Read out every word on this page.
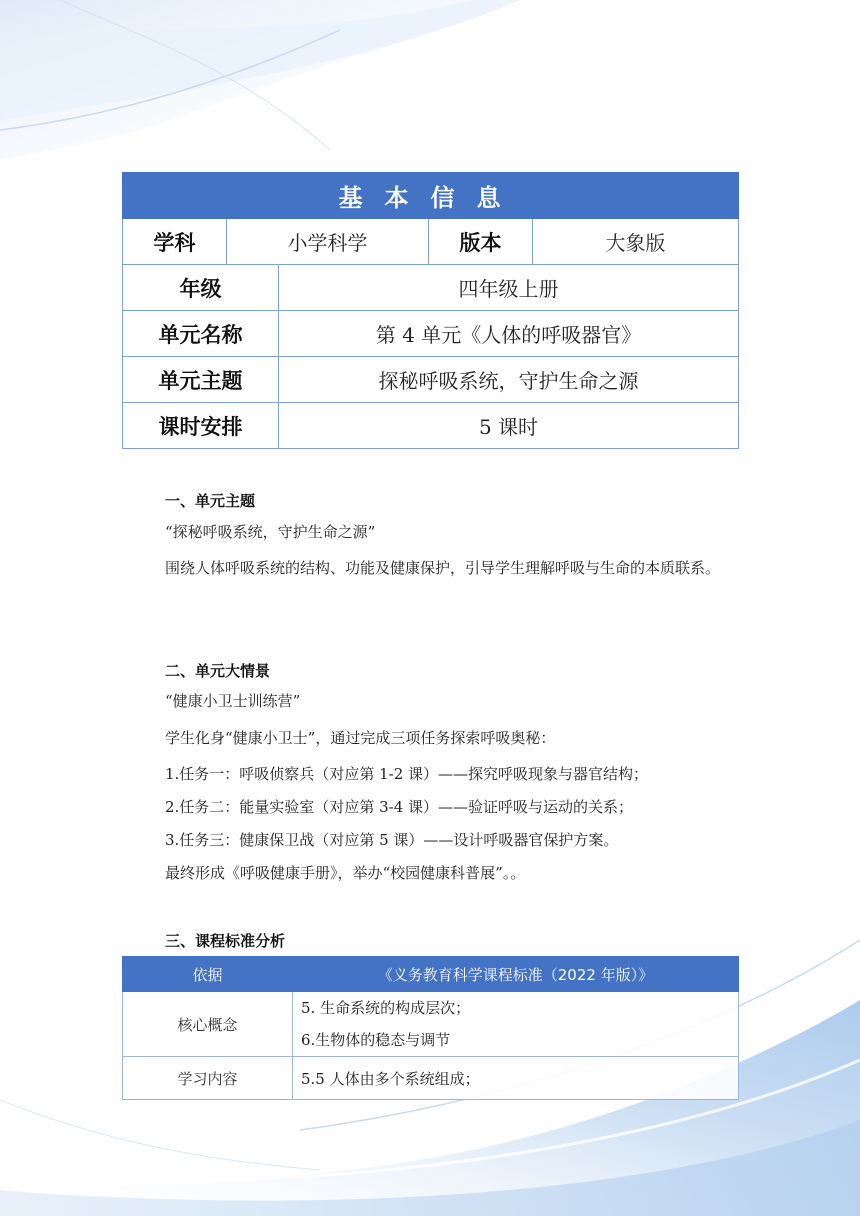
基本信息				
学科	小学科学		版本	大象版
年级		四年级上册		
单元名称		第 4 单元《人体的呼吸器官》		
单元主题		探秘呼吸系统，守护生命之源		
课时安排		5 课时		
一、单元主题
“探秘呼吸系统，守护生命之源”
围绕人体呼吸系统的结构、功能及健康保护，引导学生理解呼吸与生命的本质联系。
二、单元大情景
“健康小卫士训练营”
学生化身“健康小卫士”，通过完成三项任务探索呼吸奥秘：
1.任务一：呼吸侦察兵（对应第 1-2 课）——探究呼吸现象与器官结构；
2.任务二：能量实验室（对应第 3-4 课）——验证呼吸与运动的关系；
3.任务三：健康保卫战（对应第 5 课）——设计呼吸器官保护方案。
最终形成《呼吸健康手册》，举办“校园健康科普展”。。
三、课程标准分析
依据	《义务教育科学课程标准（2022 年版）》
核心概念	5. 生命系统的构成层次；
6.生物体的稳态与调节

学习内容	5.5 人体由多个系统组成；
